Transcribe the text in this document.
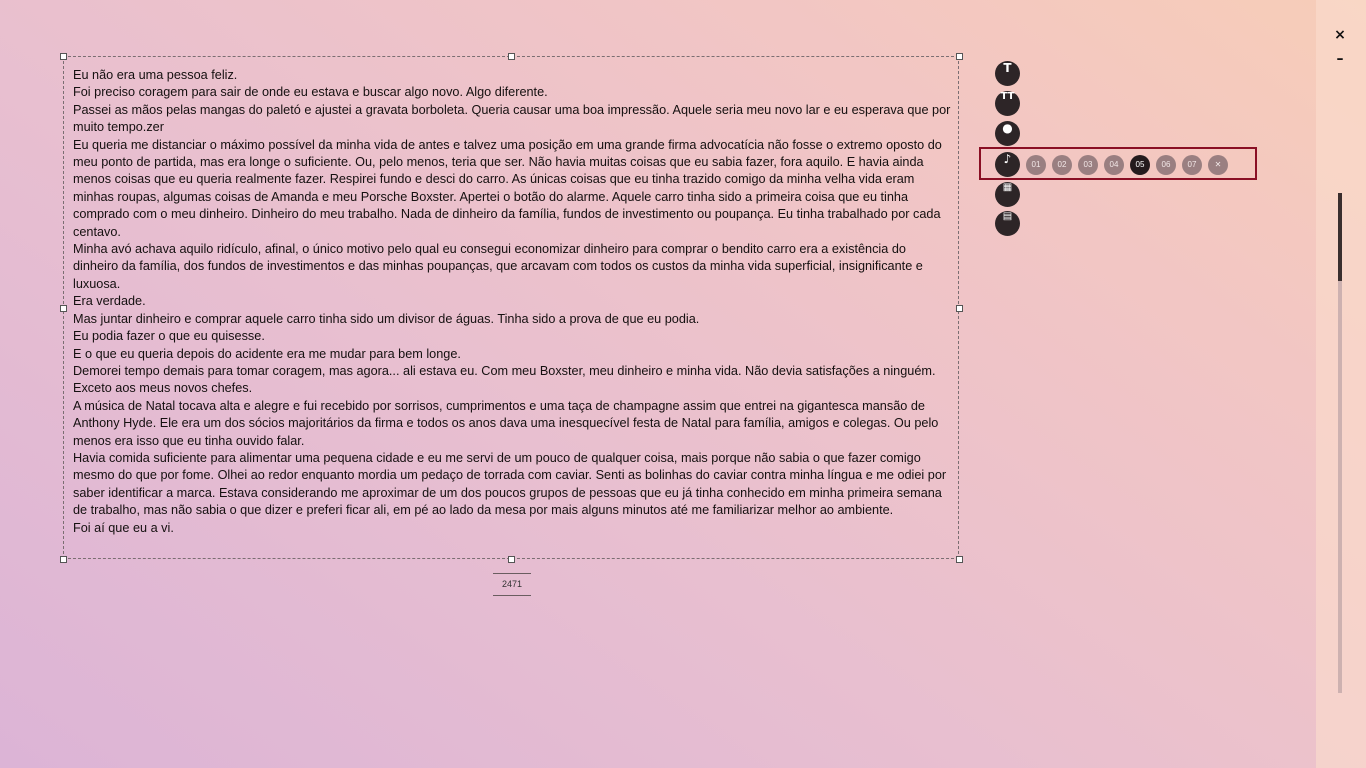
×
–

Eu não era uma pessoa feliz.

Foi preciso coragem para sair de onde eu estava e buscar algo novo. Algo diferente.

Passei as mãos pelas mangas do paletó e ajustei a gravata borboleta. Queria causar uma boa impressão. Aquele seria meu novo lar e eu esperava que por muito tempo.zer

Eu queria me distanciar o máximo possível da minha vida de antes e talvez uma posição em uma grande firma advocatícia não fosse o extremo oposto do meu ponto de partida, mas era longe o suficiente. Ou, pelo menos, teria que ser. Não havia muitas coisas que eu sabia fazer, fora aquilo. E havia ainda menos coisas que eu queria realmente fazer. Respirei fundo e desci do carro. As únicas coisas que eu tinha trazido comigo da minha velha vida eram minhas roupas, algumas coisas de Amanda e meu Porsche Boxster. Apertei o botão do alarme. Aquele carro tinha sido a primeira coisa que eu tinha comprado com o meu dinheiro. Dinheiro do meu trabalho. Nada de dinheiro da família, fundos de investimento ou poupança. Eu tinha trabalhado por cada centavo.

Minha avó achava aquilo ridículo, afinal, o único motivo pelo qual eu consegui economizar dinheiro para comprar o bendito carro era a existência do dinheiro da família, dos fundos de investimentos e das minhas poupanças, que arcavam com todos os custos da minha vida superficial, insignificante e luxuosa.

Era verdade.

Mas juntar dinheiro e comprar aquele carro tinha sido um divisor de águas. Tinha sido a prova de que eu podia.

Eu podia fazer o que eu quisesse.

E o que eu queria depois do acidente era me mudar para bem longe.

Demorei tempo demais para tomar coragem, mas agora... ali estava eu. Com meu Boxster, meu dinheiro e minha vida. Não devia satisfações a ninguém. Exceto aos meus novos chefes.

A música de Natal tocava alta e alegre e fui recebido por sorrisos, cumprimentos e uma taça de champagne assim que entrei na gigantesca mansão de Anthony Hyde. Ele era um dos sócios majoritários da firma e todos os anos dava uma inesquecível festa de Natal para família, amigos e colegas. Ou pelo menos era isso que eu tinha ouvido falar.

Havia comida suficiente para alimentar uma pequena cidade e eu me servi de um pouco de qualquer coisa, mais porque não sabia o que fazer comigo mesmo do que por fome. Olhei ao redor enquanto mordia um pedaço de torrada com caviar. Senti as bolinhas do caviar contra minha língua e me odiei por saber identificar a marca. Estava considerando me aproximar de um dos poucos grupos de pessoas que eu já tinha conhecido em minha primeira semana de trabalho, mas não sabia o que dizer e preferi ficar ali, em pé ao lado da mesa por mais alguns minutos até me familiarizar melhor ao ambiente.

Foi aí que eu a vi.

2471
T
TT
●
♪	01	02	03	04	05	06	07	✕
▦
▤
